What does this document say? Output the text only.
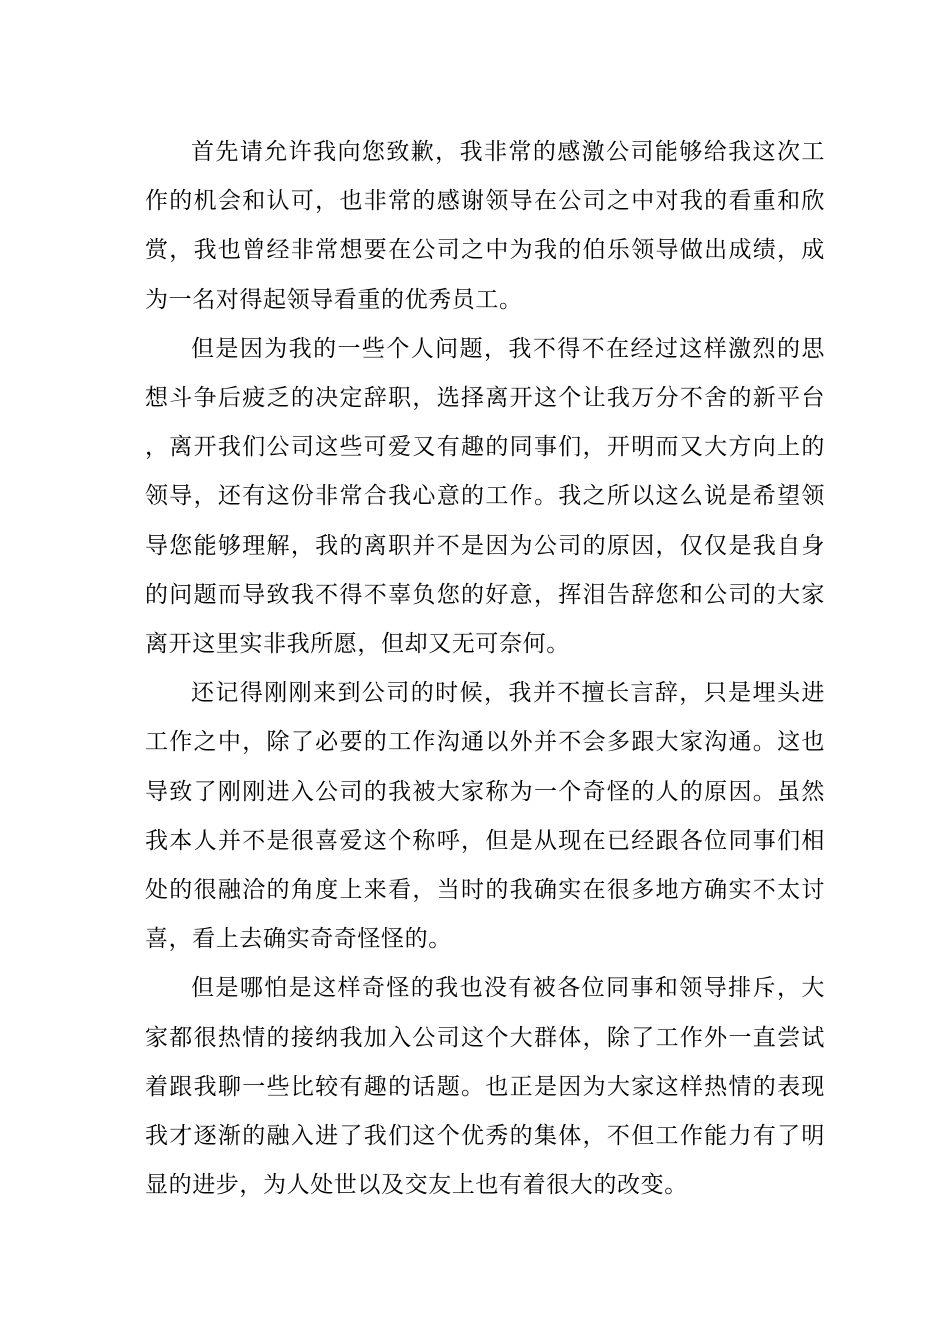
首先请允许我向您致歉，我非常的感激公司能够给我这次工作的机会和认可，也非常的感谢领导在公司之中对我的看重和欣赏，我也曾经非常想要在公司之中为我的伯乐领导做出成绩，成为一名对得起领导看重的优秀员工。

但是因为我的一些个人问题，我不得不在经过这样激烈的思想斗争后疲乏的决定辞职，选择离开这个让我万分不舍的新平台，离开我们公司这些可爱又有趣的同事们，开明而又大方向上的领导，还有这份非常合我心意的工作。我之所以这么说是希望领导您能够理解，我的离职并不是因为公司的原因，仅仅是我自身的问题而导致我不得不辜负您的好意，挥泪告辞您和公司的大家离开这里实非我所愿，但却又无可奈何。

还记得刚刚来到公司的时候，我并不擅长言辞，只是埋头进工作之中，除了必要的工作沟通以外并不会多跟大家沟通。这也导致了刚刚进入公司的我被大家称为一个奇怪的人的原因。虽然我本人并不是很喜爱这个称呼，但是从现在已经跟各位同事们相处的很融洽的角度上来看，当时的我确实在很多地方确实不太讨喜，看上去确实奇奇怪怪的。

但是哪怕是这样奇怪的我也没有被各位同事和领导排斥，大家都很热情的接纳我加入公司这个大群体，除了工作外一直尝试着跟我聊一些比较有趣的话题。也正是因为大家这样热情的表现我才逐渐的融入进了我们这个优秀的集体，不但工作能力有了明显的进步，为人处世以及交友上也有着很大的改变。
